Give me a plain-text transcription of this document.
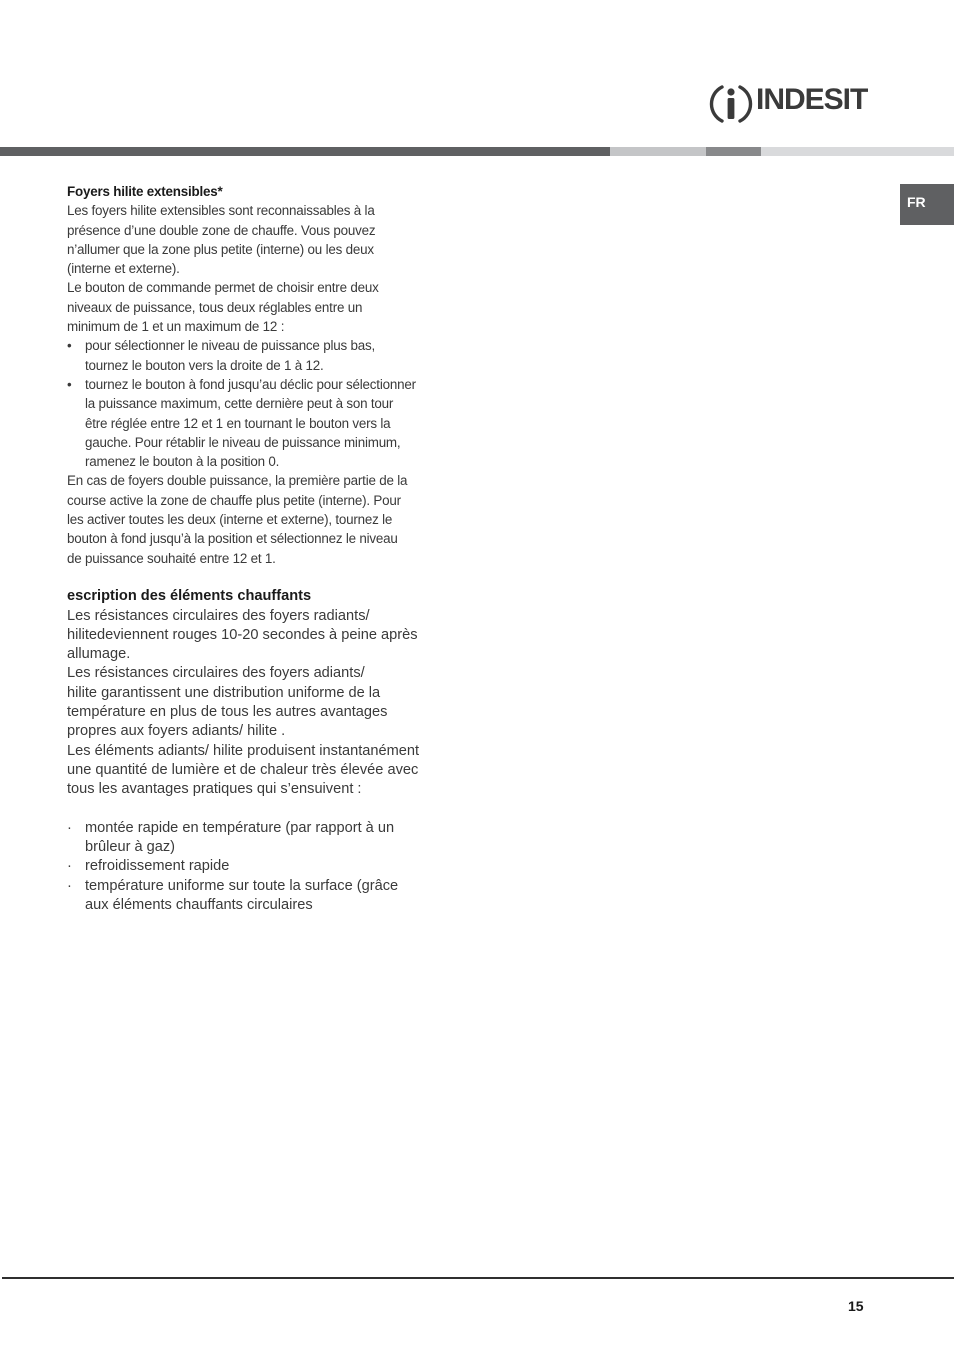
INDESIT
FR

Foyers hilite extensibles*

Les foyers hilite extensibles sont reconnaissables à la

présence d’une double zone de chauffe. Vous pouvez

n’allumer que la zone plus petite (interne) ou les deux

(interne et externe).

Le bouton de commande permet de choisir entre deux

niveaux de puissance, tous deux réglables entre un

minimum de 1 et un maximum de 12 :

• pour sélectionner le niveau de puissance plus bas,

tournez le bouton vers la droite de 1 à 12.

• tournez le bouton à fond jusqu’au déclic pour sélectionner

la puissance maximum, cette dernière peut à son tour

être réglée entre 12 et 1 en tournant le bouton vers la

gauche. Pour rétablir le niveau de puissance minimum,

ramenez le bouton à la position 0.

En cas de foyers double puissance, la première partie de la

course active la zone de chauffe plus petite (interne). Pour

les activer toutes les deux (interne et externe), tournez le

bouton à fond jusqu’à la position et sélectionnez le niveau

de puissance souhaité entre 12 et 1.

escription des éléments chauffants

Les résistances circulaires des foyers radiants/

hilitedeviennent rouges 10-20 secondes à peine après

allumage.

Les résistances circulaires des foyers adiants/

hilite garantissent une distribution uniforme de la

température en plus de tous les autres avantages

propres aux foyers adiants/ hilite .

Les éléments adiants/ hilite produisent instantanément

une quantité de lumière et de chaleur très élevée avec

tous les avantages pratiques qui s’ensuivent :

· montée rapide en température (par rapport à un

brûleur à gaz)

· refroidissement rapide

· température uniforme sur toute la surface (grâce

aux éléments chauffants circulaires

15
